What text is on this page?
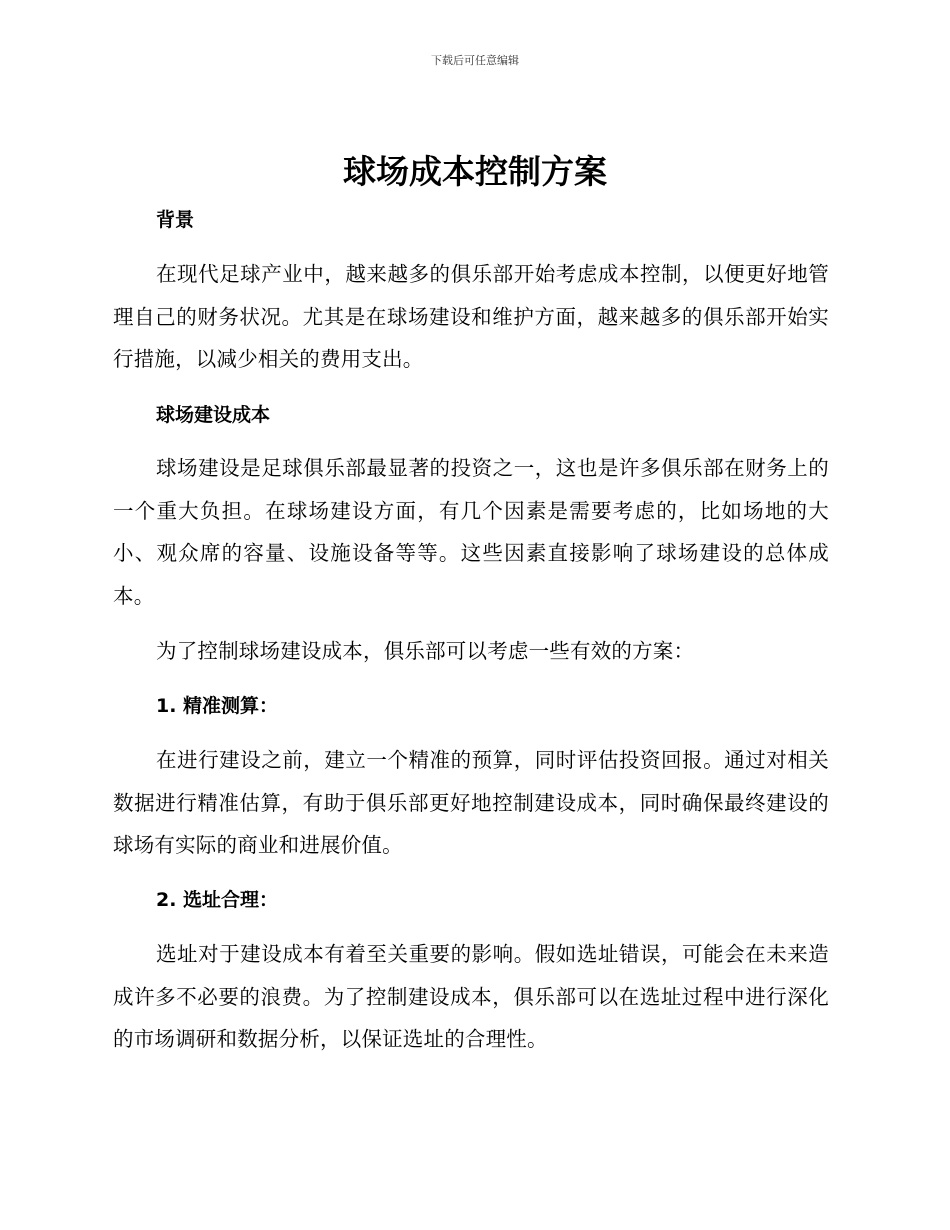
下载后可任意编辑
球场成本控制方案
背景

在现代足球产业中，越来越多的俱乐部开始考虑成本控制，以便更好地管理自己的财务状况。尤其是在球场建设和维护方面，越来越多的俱乐部开始实行措施，以减少相关的费用支出。

球场建设成本

球场建设是足球俱乐部最显著的投资之一，这也是许多俱乐部在财务上的一个重大负担。在球场建设方面，有几个因素是需要考虑的，比如场地的大小、观众席的容量、设施设备等等。这些因素直接影响了球场建设的总体成本。

为了控制球场建设成本，俱乐部可以考虑一些有效的方案：

1. 精准测算：

在进行建设之前，建立一个精准的预算，同时评估投资回报。通过对相关数据进行精准估算，有助于俱乐部更好地控制建设成本，同时确保最终建设的球场有实际的商业和进展价值。

2. 选址合理：

选址对于建设成本有着至关重要的影响。假如选址错误，可能会在未来造成许多不必要的浪费。为了控制建设成本，俱乐部可以在选址过程中进行深化的市场调研和数据分析，以保证选址的合理性。
